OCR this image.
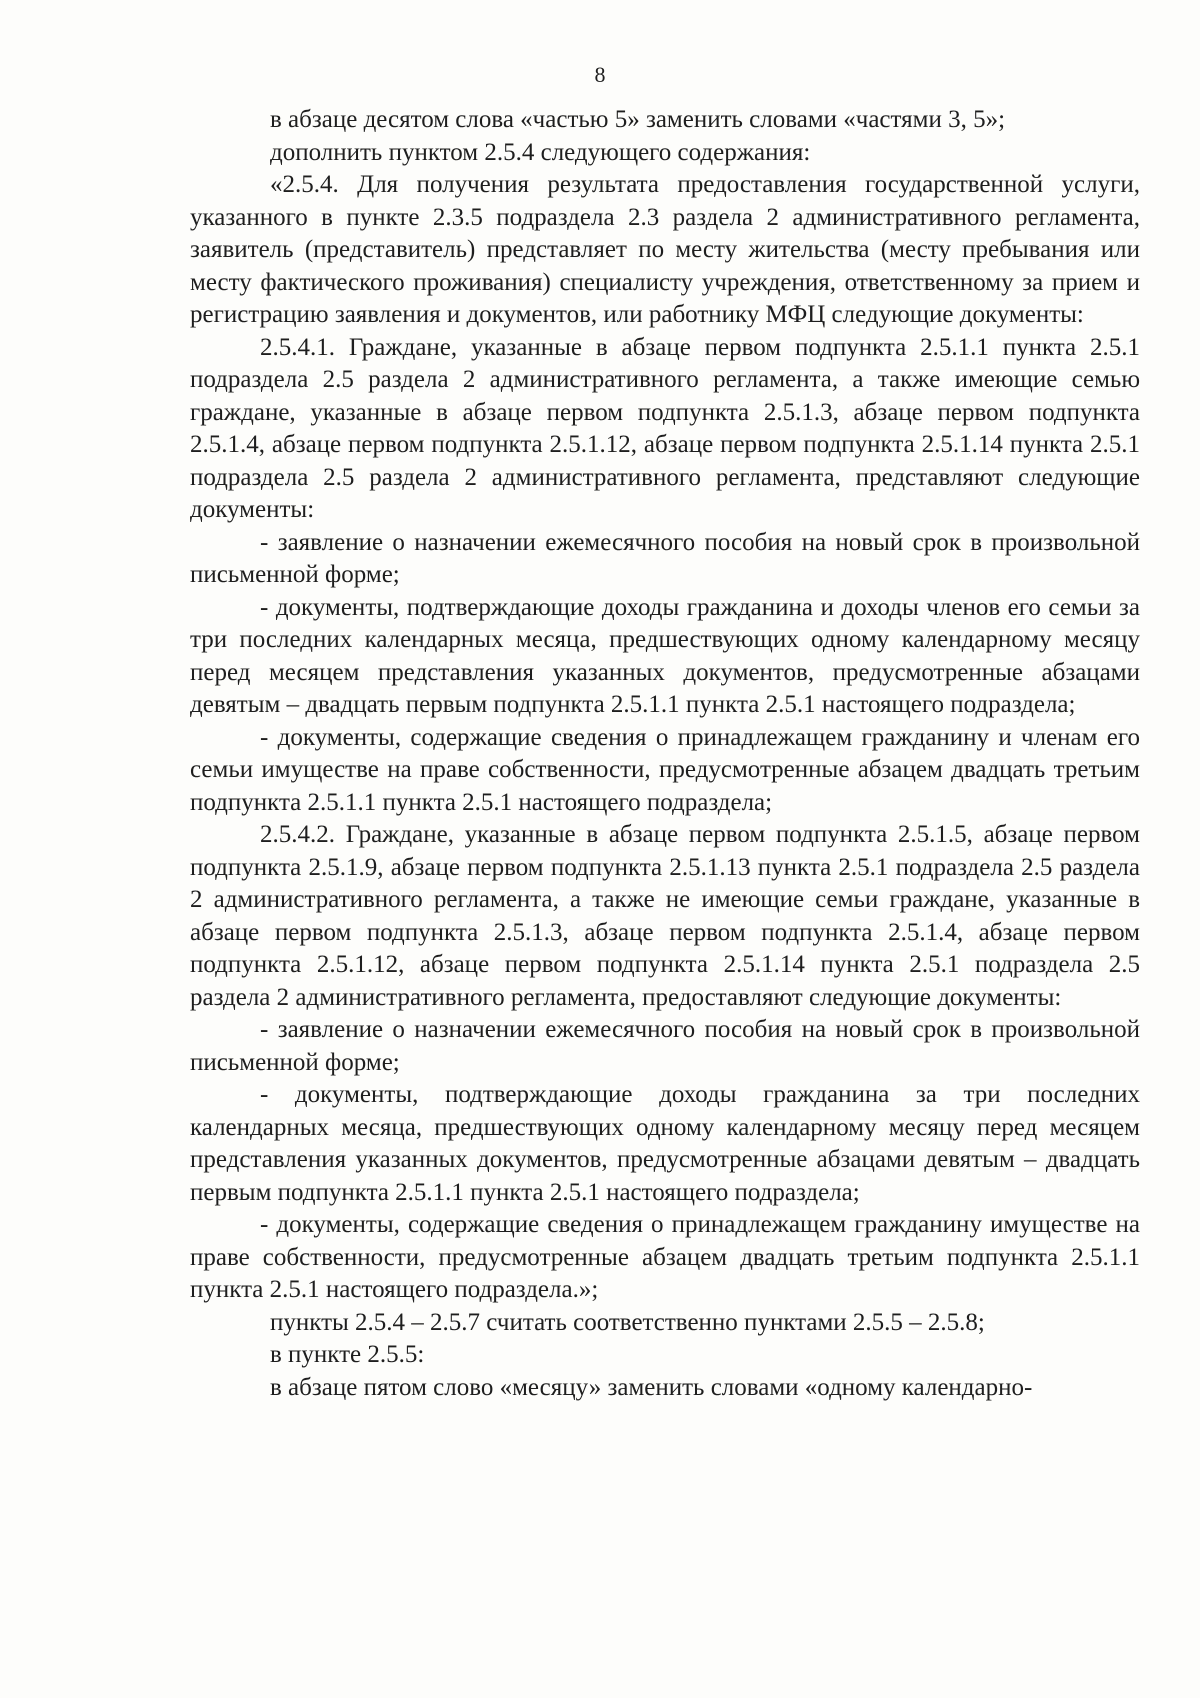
8

в абзаце десятом слова «частью 5» заменить словами «частями 3, 5»;

дополнить пунктом 2.5.4 следующего содержания:

«2.5.4. Для получения результата предоставления государственной услуги, указанного в пункте 2.3.5 подраздела 2.3 раздела 2 административного регламента, заявитель (представитель) представляет по месту жительства (месту пребывания или месту фактического проживания) специалисту учреждения, ответственному за прием и регистрацию заявления и документов, или работнику МФЦ следующие документы:

2.5.4.1. Граждане, указанные в абзаце первом подпункта 2.5.1.1 пункта 2.5.1 подраздела 2.5 раздела 2 административного регламента, а также имеющие семью граждане, указанные в абзаце первом подпункта 2.5.1.3, абзаце первом подпункта 2.5.1.4, абзаце первом подпункта 2.5.1.12, абзаце первом подпункта 2.5.1.14 пункта 2.5.1 подраздела 2.5 раздела 2 административного регламента, представляют следующие документы:

- заявление о назначении ежемесячного пособия на новый срок в произвольной письменной форме;

- документы, подтверждающие доходы гражданина и доходы членов его семьи за три последних календарных месяца, предшествующих одному календарному месяцу перед месяцем представления указанных документов, предусмотренные абзацами девятым – двадцать первым подпункта 2.5.1.1 пункта 2.5.1 настоящего подраздела;

- документы, содержащие сведения о принадлежащем гражданину и членам его семьи имуществе на праве собственности, предусмотренные абзацем двадцать третьим подпункта 2.5.1.1 пункта 2.5.1 настоящего подраздела;

2.5.4.2. Граждане, указанные в абзаце первом подпункта 2.5.1.5, абзаце первом подпункта 2.5.1.9, абзаце первом подпункта 2.5.1.13 пункта 2.5.1 подраздела 2.5 раздела 2 административного регламента, а также не имеющие семьи граждане, указанные в абзаце первом подпункта 2.5.1.3, абзаце первом подпункта 2.5.1.4, абзаце первом подпункта 2.5.1.12, абзаце первом подпункта 2.5.1.14 пункта 2.5.1 подраздела 2.5 раздела 2 административного регламента, предоставляют следующие документы:

- заявление о назначении ежемесячного пособия на новый срок в произвольной письменной форме;

- документы, подтверждающие доходы гражданина за три последних календарных месяца, предшествующих одному календарному месяцу перед месяцем представления указанных документов, предусмотренные абзацами девятым – двадцать первым подпункта 2.5.1.1 пункта 2.5.1 настоящего подраздела;

- документы, содержащие сведения о принадлежащем гражданину имуществе на праве собственности, предусмотренные абзацем двадцать третьим подпункта 2.5.1.1 пункта 2.5.1 настоящего подраздела.»;

пункты 2.5.4 – 2.5.7 считать соответственно пунктами 2.5.5 – 2.5.8;

в пункте 2.5.5:

в абзаце пятом слово «месяцу» заменить словами «одному календарно-
